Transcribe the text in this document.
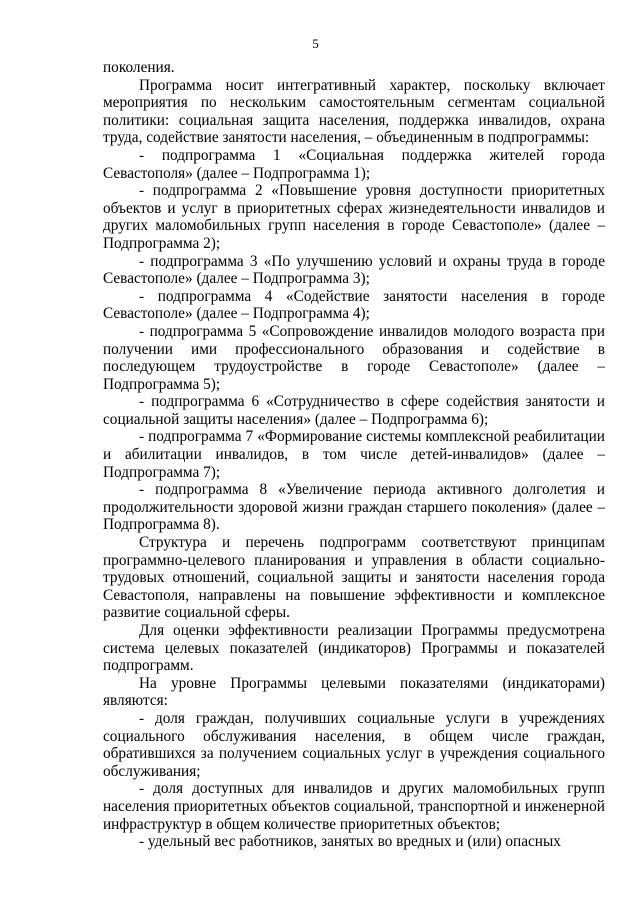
5

поколения.

Программа носит интегративный характер, поскольку включает мероприятия по нескольким самостоятельным сегментам социальной политики: социальная защита населения, поддержка инвалидов, охрана труда, содействие занятости населения, – объединенным в подпрограммы:

- подпрограмма 1 «Социальная поддержка жителей города Севастополя» (далее – Подпрограмма 1);

- подпрограмма 2 «Повышение уровня доступности приоритетных объектов и услуг в приоритетных сферах жизнедеятельности инвалидов и других маломобильных групп населения в городе Севастополе» (далее – Подпрограмма 2);

- подпрограмма 3 «По улучшению условий и охраны труда в городе Севастополе» (далее – Подпрограмма 3);

- подпрограмма 4 «Содействие занятости населения в городе Севастополе» (далее – Подпрограмма 4);

- подпрограмма 5 «Сопровождение инвалидов молодого возраста при получении ими профессионального образования и содействие в последующем трудоустройстве в городе Севастополе» (далее – Подпрограмма 5);

- подпрограмма 6 «Сотрудничество в сфере содействия занятости и социальной защиты населения» (далее – Подпрограмма 6);

- подпрограмма 7 «Формирование системы комплексной реабилитации и абилитации инвалидов, в том числе детей-инвалидов» (далее – Подпрограмма 7);

- подпрограмма 8 «Увеличение периода активного долголетия и продолжительности здоровой жизни граждан старшего поколения» (далее – Подпрограмма 8).

Структура и перечень подпрограмм соответствуют принципам программно-целевого планирования и управления в области социально-трудовых отношений, социальной защиты и занятости населения города Севастополя, направлены на повышение эффективности и комплексное развитие социальной сферы.

Для оценки эффективности реализации Программы предусмотрена система целевых показателей (индикаторов) Программы и показателей подпрограмм.

На уровне Программы целевыми показателями (индикаторами) являются:

- доля граждан, получивших социальные услуги в учреждениях социального обслуживания населения, в общем числе граждан, обратившихся за получением социальных услуг в учреждения социального обслуживания;

- доля доступных для инвалидов и других маломобильных групп населения приоритетных объектов социальной, транспортной и инженерной инфраструктур в общем количестве приоритетных объектов;

- удельный вес работников, занятых во вредных и (или) опасных
